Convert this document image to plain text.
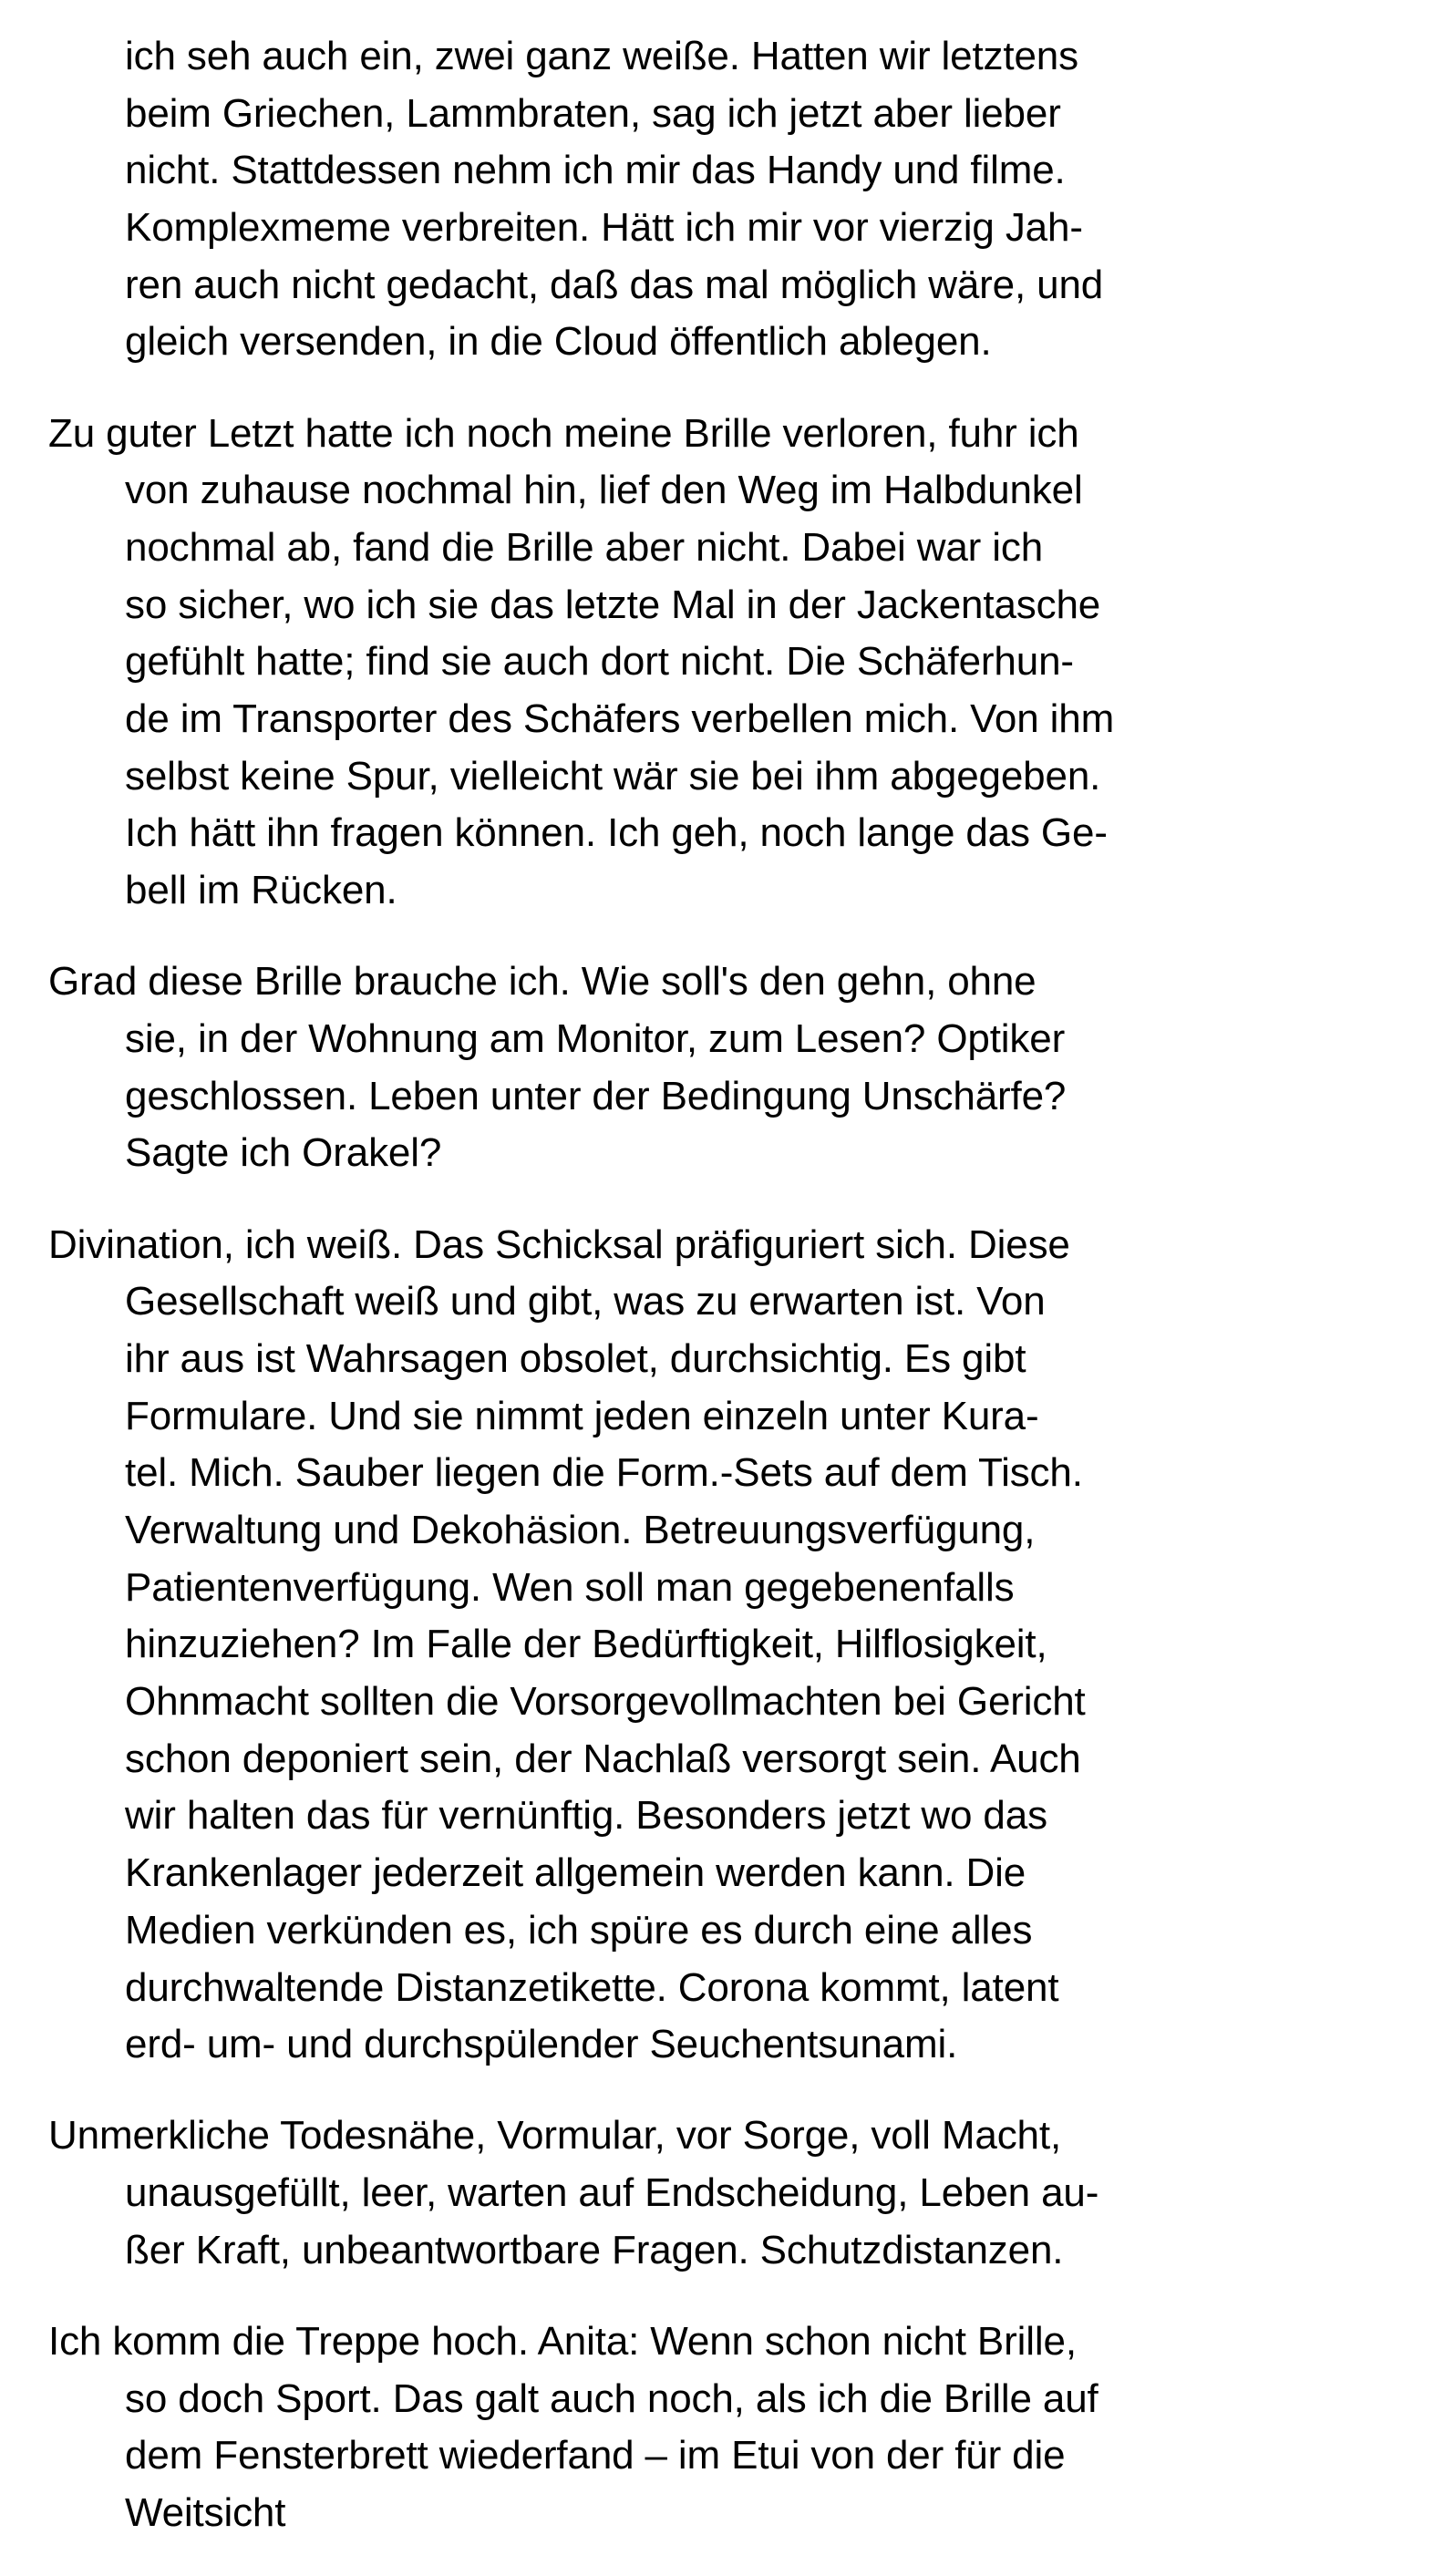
ich seh auch ein, zwei ganz weiße. Hatten wir letztens
beim Griechen, Lammbraten, sag ich jetzt aber lieber
nicht. Stattdessen nehm ich mir das Handy und filme.
Komplexmeme verbreiten. Hätt ich mir vor vierzig Jah-
ren auch nicht gedacht, daß das mal möglich wäre, und
gleich versenden, in die Cloud öffentlich ablegen.
Zu guter Letzt hatte ich noch meine Brille verloren, fuhr ich
von zuhause nochmal hin, lief den Weg im Halbdunkel
nochmal ab, fand die Brille aber nicht. Dabei war ich
so sicher, wo ich sie das letzte Mal in der Jackentasche
gefühlt hatte; find sie auch dort nicht. Die Schäferhun-
de im Transporter des Schäfers verbellen mich. Von ihm
selbst keine Spur, vielleicht wär sie bei ihm abgegeben.
Ich hätt ihn fragen können. Ich geh, noch lange das Ge-
bell im Rücken.
Grad diese Brille brauche ich. Wie soll's den gehn, ohne
sie, in der Wohnung am Monitor, zum Lesen? Optiker
geschlossen. Leben unter der Bedingung Unschärfe?
Sagte ich Orakel?
Divination, ich weiß. Das Schicksal präfiguriert sich. Diese
Gesellschaft weiß und gibt, was zu erwarten ist. Von
ihr aus ist Wahrsagen obsolet, durchsichtig. Es gibt
Formulare. Und sie nimmt jeden einzeln unter Kura-
tel. Mich. Sauber liegen die Form.-Sets auf dem Tisch.
Verwaltung und Dekohäsion. Betreuungsverfügung,
Patientenverfügung. Wen soll man gegebenenfalls
hinzuziehen? Im Falle der Bedürftigkeit, Hilflosigkeit,
Ohnmacht sollten die Vorsorgevollmachten bei Gericht
schon deponiert sein, der Nachlaß versorgt sein. Auch
wir halten das für vernünftig. Besonders jetzt wo das
Krankenlager jederzeit allgemein werden kann. Die
Medien verkünden es, ich spüre es durch eine alles
durchwaltende Distanzetikette. Corona kommt, latent
erd- um- und durchspülender Seuchentsunami.
Unmerkliche Todesnähe, Vormular, vor Sorge, voll Macht,
unausgefüllt, leer, warten auf Endscheidung, Leben au-
ßer Kraft, unbeantwortbare Fragen. Schutzdistanzen.
Ich komm die Treppe hoch. Anita: Wenn schon nicht Brille,
so doch Sport. Das galt auch noch, als ich die Brille auf
dem Fensterbrett wiederfand – im Etui von der für die
Weitsicht
